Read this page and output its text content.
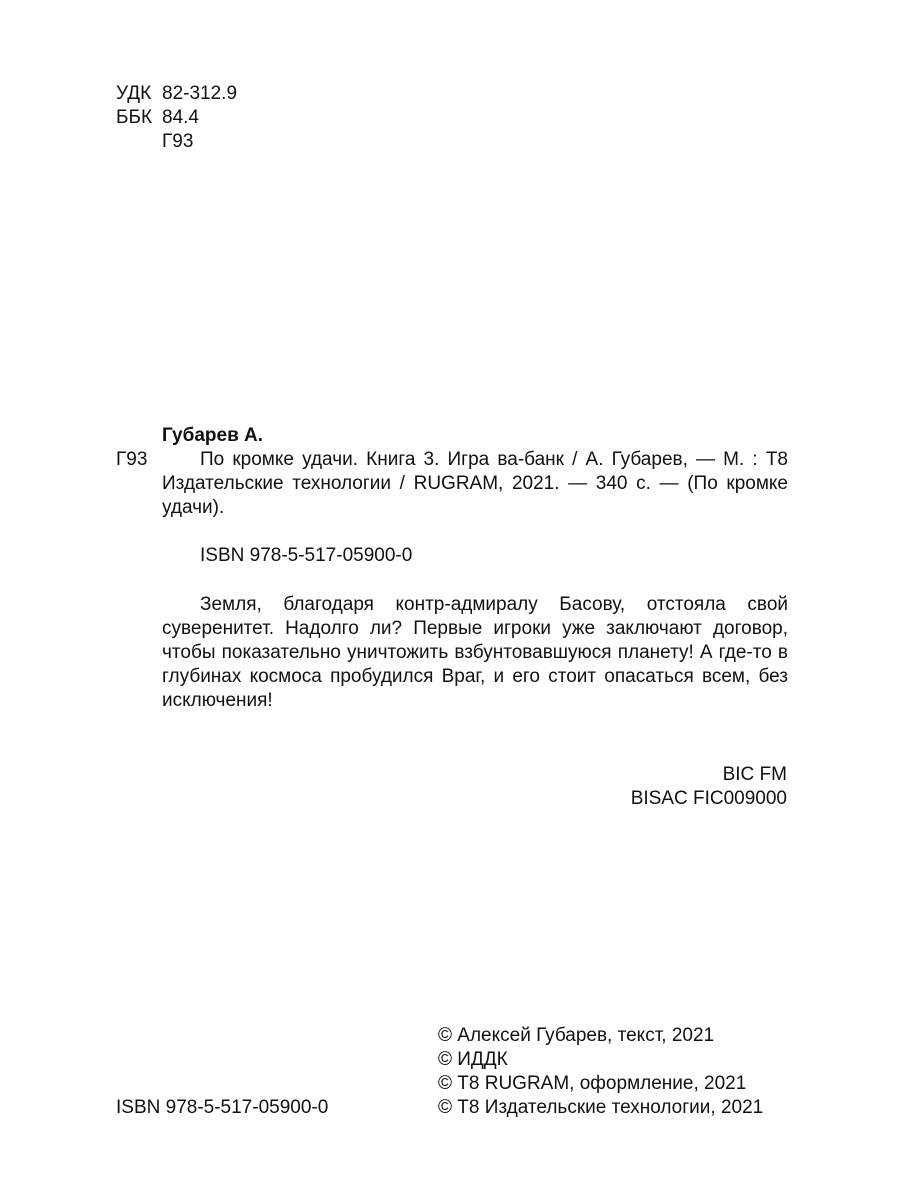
УДК 82-312.9
ББК 84.4
Г93
Губарев А.
Г93	По кромке удачи. Книга 3. Игра ва-банк / А. Губарев, — М. : Т8 Издательские технологии / RUGRAM, 2021. — 340 с. — (По кромке удачи).
ISBN 978-5-517-05900-0
Земля, благодаря контр-адмиралу Басову, отстояла свой суверенитет. Надолго ли? Первые игроки уже заключают договор, чтобы показательно уничтожить взбунтовавшуюся планету! А где-то в глубинах космоса пробудился Враг, и его стоит опасаться всем, без исключения!
BIC FM
BISAC FIC009000
ISBN 978-5-517-05900-0
© Алексей Губарев, текст, 2021
© ИДДК
© Т8 RUGRAM, оформление, 2021
© Т8 Издательские технологии, 2021
